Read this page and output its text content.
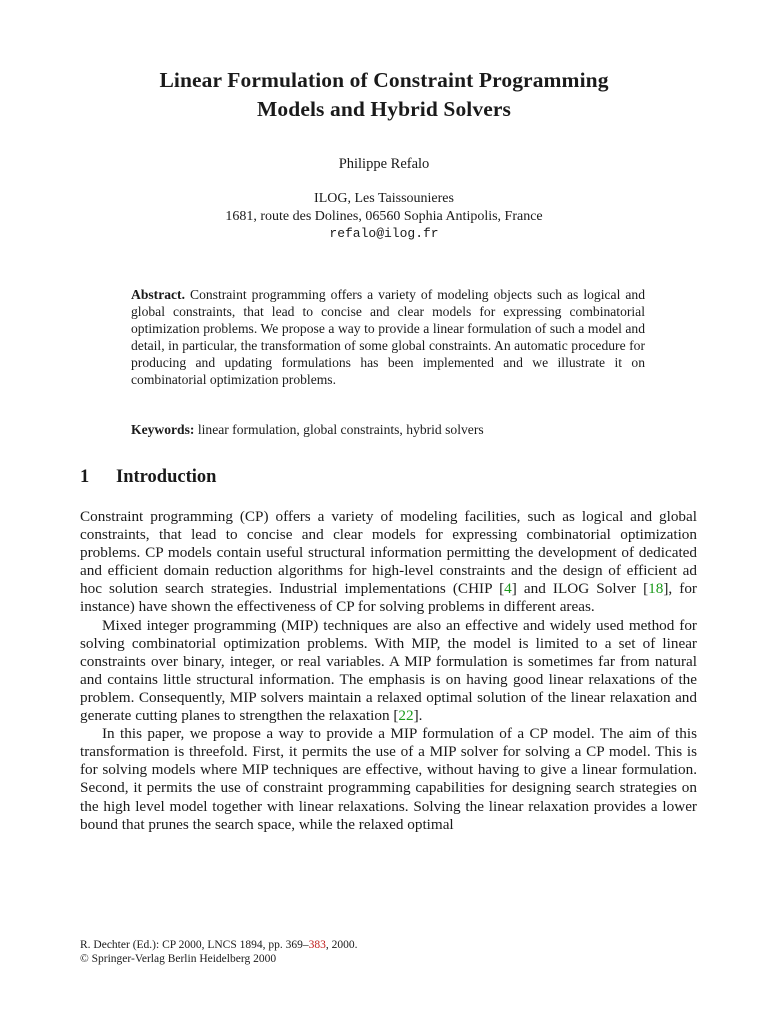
Linear Formulation of Constraint Programming
Models and Hybrid Solvers
Philippe Refalo
ILOG, Les Taissounieres
1681, route des Dolines, 06560 Sophia Antipolis, France
refalo@ilog.fr
Abstract. Constraint programming offers a variety of modeling objects such as logical and global constraints, that lead to concise and clear models for expressing combinatorial optimization problems. We propose a way to provide a linear formulation of such a model and detail, in particular, the transformation of some global constraints. An automatic procedure for producing and updating formulations has been implemented and we illustrate it on combinatorial optimization problems.
Keywords: linear formulation, global constraints, hybrid solvers
1 Introduction

Constraint programming (CP) offers a variety of modeling facilities, such as logical and global constraints, that lead to concise and clear models for expressing combinatorial optimization problems. CP models contain useful structural information permitting the development of dedicated and efficient domain reduction algorithms for high-level constraints and the design of efficient ad hoc solution search strategies. Industrial implementations (CHIP [4] and ILOG Solver [18], for instance) have shown the effectiveness of CP for solving problems in different areas.

Mixed integer programming (MIP) techniques are also an effective and widely used method for solving combinatorial optimization problems. With MIP, the model is limited to a set of linear constraints over binary, integer, or real variables. A MIP formulation is sometimes far from natural and contains little structural information. The emphasis is on having good linear relaxations of the problem. Consequently, MIP solvers maintain a relaxed optimal solution of the linear relaxation and generate cutting planes to strengthen the relaxation [22].

In this paper, we propose a way to provide a MIP formulation of a CP model. The aim of this transformation is threefold. First, it permits the use of a MIP solver for solving a CP model. This is for solving models where MIP techniques are effective, without having to give a linear formulation. Second, it permits the use of constraint programming capabilities for designing search strategies on the high level model together with linear relaxations. Solving the linear relaxation provides a lower bound that prunes the search space, while the relaxed optimal

R. Dechter (Ed.): CP 2000, LNCS 1894, pp. 369–383, 2000.
© Springer-Verlag Berlin Heidelberg 2000
